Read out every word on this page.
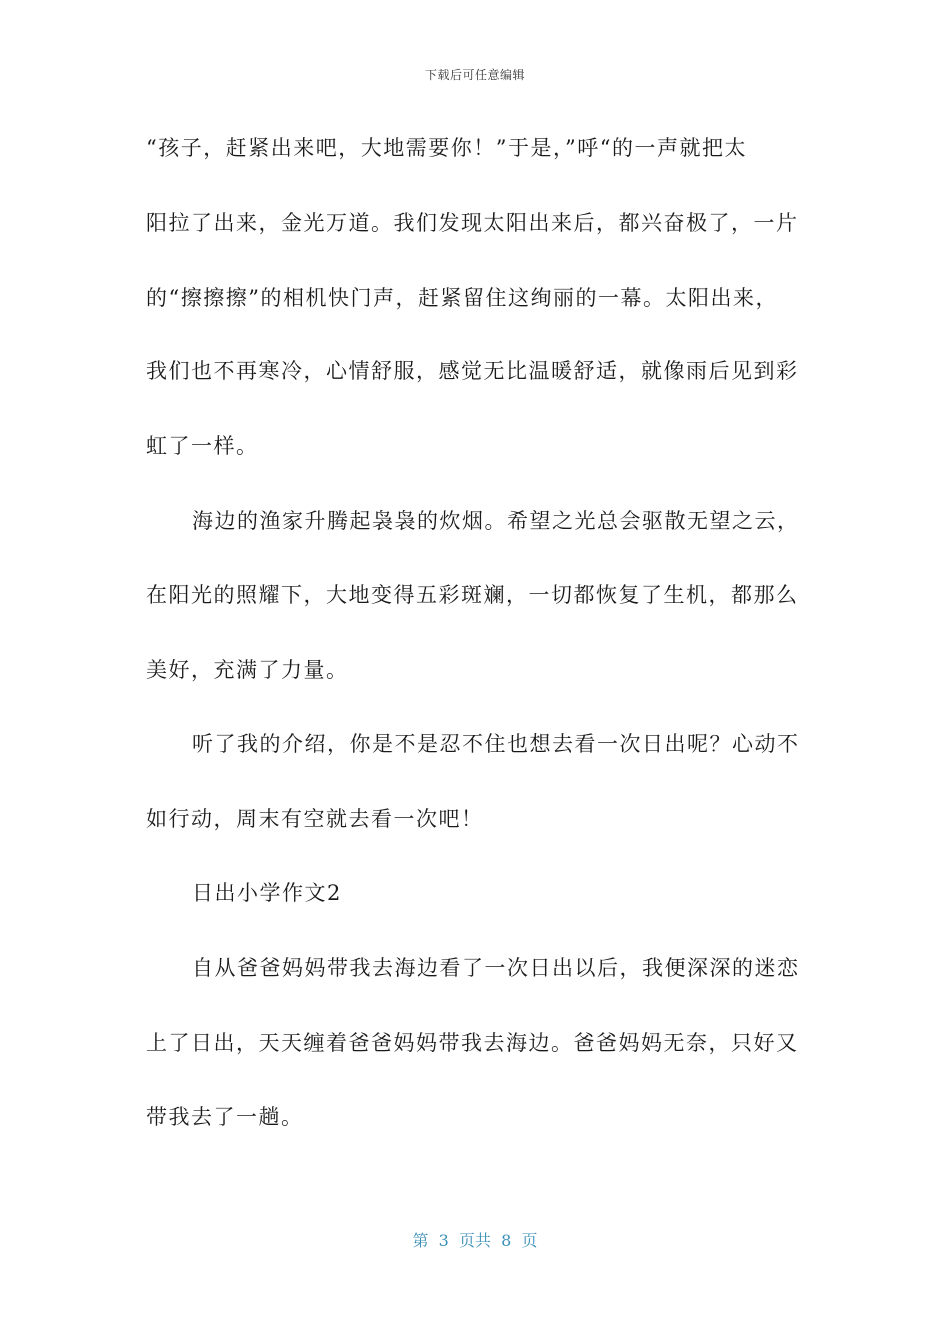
下载后可任意编辑
“孩子，赶紧出来吧，大地需要你！”于是，”呼“的一声就把太
阳拉了出来，金光万道。我们发现太阳出来后，都兴奋极了，一片
的“擦擦擦”的相机快门声，赶紧留住这绚丽的一幕。太阳出来，
我们也不再寒冷，心情舒服，感觉无比温暖舒适，就像雨后见到彩
虹了一样。
海边的渔家升腾起袅袅的炊烟。希望之光总会驱散无望之云，
在阳光的照耀下，大地变得五彩斑斓，一切都恢复了生机，都那么
美好，充满了力量。
听了我的介绍，你是不是忍不住也想去看一次日出呢？心动不
如行动，周末有空就去看一次吧！
日出小学作文2
自从爸爸妈妈带我去海边看了一次日出以后，我便深深的迷恋
上了日出，天天缠着爸爸妈妈带我去海边。爸爸妈妈无奈，只好又
带我去了一趟。
第  3  页共  8  页
